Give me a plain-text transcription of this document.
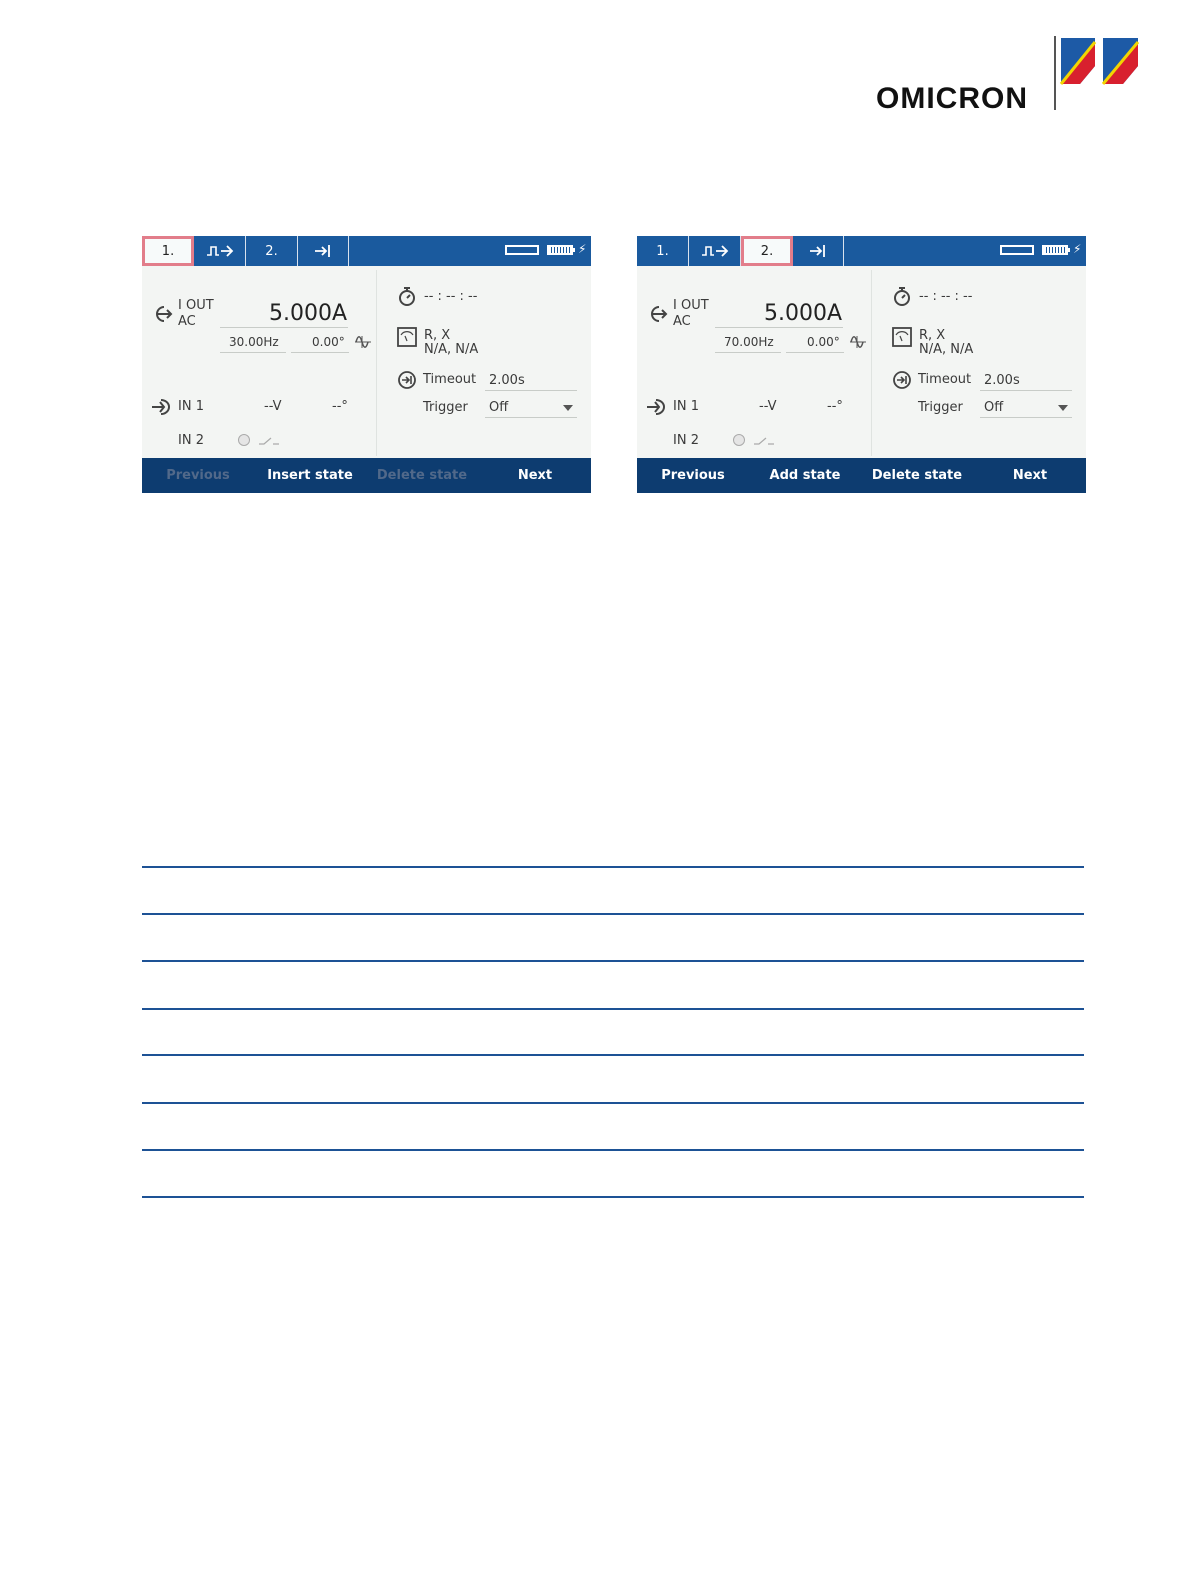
OMICRON
1.	2.	⚡
I OUT
AC	5.000A
30.00Hz	0.00°
IN 1	--V	--°
IN 2
-- : -- : --
R, X
N/A, N/A
Timeout 2.00s
Trigger Off
Previous	Insert state	Delete state	Next
1.	2.	⚡
I OUT
AC	5.000A
70.00Hz	0.00°
IN 1	--V	--°
IN 2
-- : -- : --
R, X
N/A, N/A
Timeout 2.00s
Trigger Off
Previous	Add state	Delete state	Next
